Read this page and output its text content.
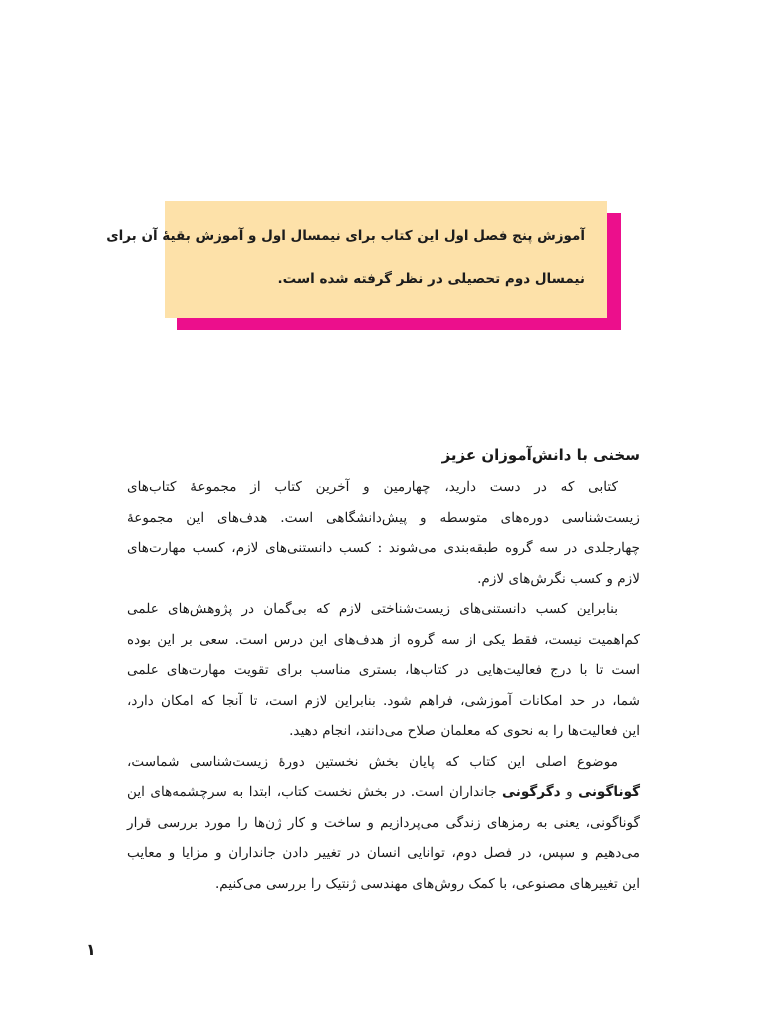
آموزش پنج فصل اول این کتاب برای نیمسال اول و آموزش بقیهٔ آن برای
نیمسال دوم تحصیلی در نظر گرفته شده است.
سخنی با دانش‌آموزان عزیز
کتابی که در دست دارید، چهارمین و آخرین کتاب از مجموعهٔ کتاب‌های
زیست‌شناسی دوره‌های متوسطه و پیش‌دانشگاهی است. هدف‌های این مجموعهٔ
چهارجلدی در سه گروه طبقه‌بندی می‌شوند : کسب دانستنی‌های لازم، کسب مهارت‌های
لازم و کسب نگرش‌های لازم.
بنابراین کسب دانستنی‌های زیست‌شناختی لازم که بی‌گمان در پژوهش‌های علمی
کم‌اهمیت نیست، فقط یکی از سه گروه از هدف‌های این درس است. سعی بر این بوده
است تا با درج فعالیت‌هایی در کتاب‌ها، بستری مناسب برای تقویت مهارت‌های علمی
شما، در حد امکانات آموزشی، فراهم شود. بنابراین لازم است، تا آنجا که امکان دارد،
این فعالیت‌ها را به نحوی که معلمان صلاح می‌دانند، انجام دهید.
موضوع اصلی این کتاب که پایان بخش نخستین دورهٔ زیست‌شناسی شماست،
گوناگونی و دگرگونی جانداران است. در بخش نخست کتاب، ابتدا به سرچشمه‌های این
گوناگونی، یعنی به رمزهای زندگی می‌پردازیم و ساخت و کار ژن‌ها را مورد بررسی قرار
می‌دهیم و سپس، در فصل دوم، توانایی انسان در تغییر دادن جانداران و مزایا و معایب
این تغییرهای مصنوعی، با کمک روش‌های مهندسی ژنتیک را بررسی می‌کنیم.
۱
